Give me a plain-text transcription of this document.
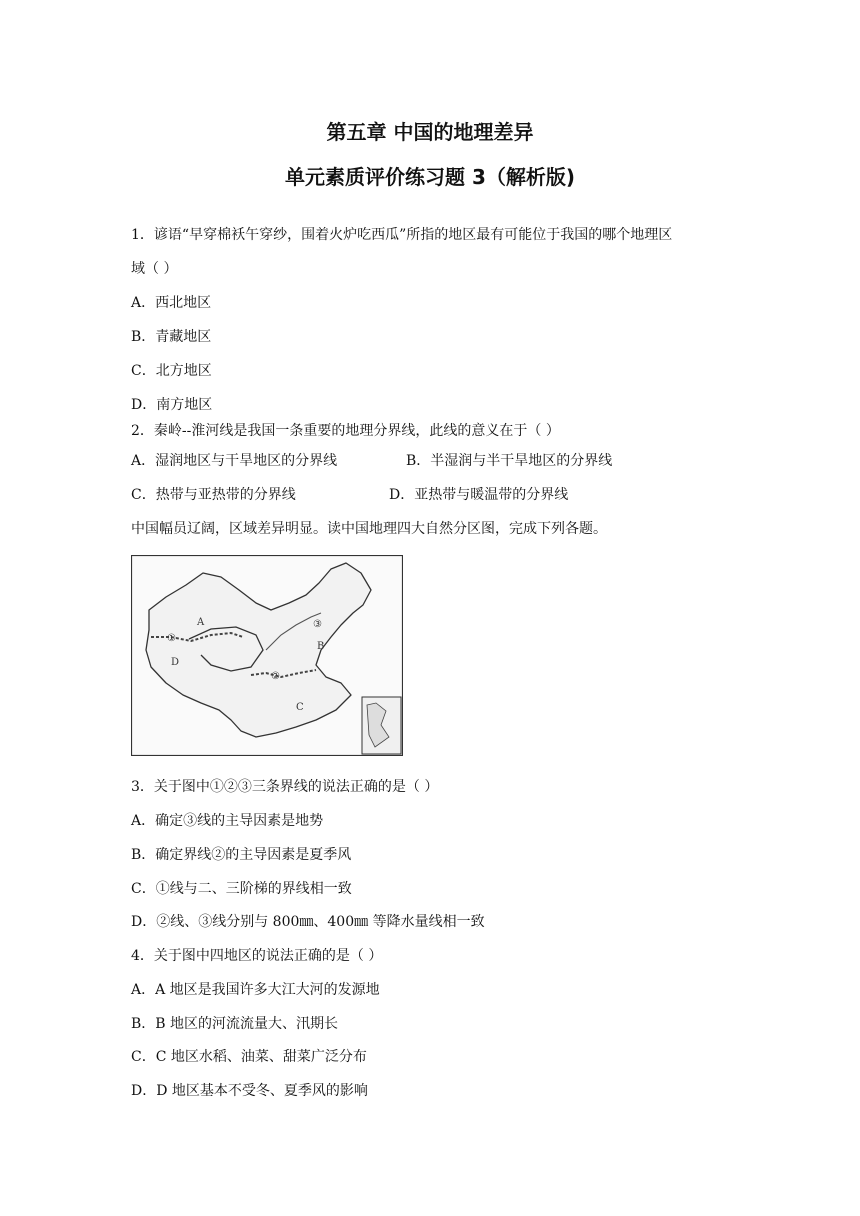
第五章 中国的地理差异
单元素质评价练习题 3（解析版)
1．谚语“早穿棉袄午穿纱，围着火炉吃西瓜”所指的地区最有可能位于我国的哪个地理区
域（ ）
A．西北地区
B．青藏地区
C．北方地区
D．南方地区
2．秦岭--淮河线是我国一条重要的地理分界线，此线的意义在于（ ）
A．湿润地区与干旱地区的分界线	B．半湿润与半干旱地区的分界线
C．热带与亚热带的分界线	D．亚热带与暖温带的分界线
中国幅员辽阔，区域差异明显。读中国地理四大自然分区图，完成下列各题。
A
B
C
D
①
②
③
3．关于图中①②③三条界线的说法正确的是（ ）
A．确定③线的主导因素是地势
B．确定界线②的主导因素是夏季风
C．①线与二、三阶梯的界线相一致
D．②线、③线分别与 800㎜、400㎜ 等降水量线相一致
4．关于图中四地区的说法正确的是（ ）
A．A 地区是我国许多大江大河的发源地
B．B 地区的河流流量大、汛期长
C．C 地区水稻、油菜、甜菜广泛分布
D．D 地区基本不受冬、夏季风的影响
